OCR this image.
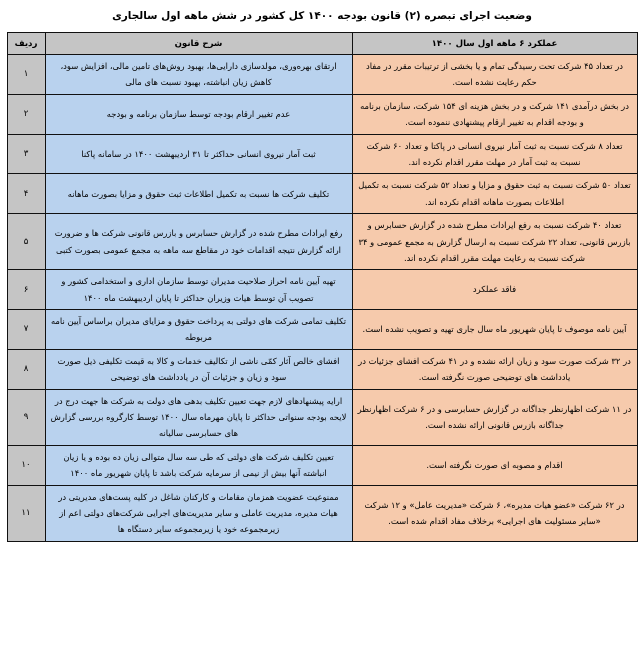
وضعیت اجرای تبصره (۲) قانون بودجه ۱۴۰۰ کل کشور در شش ماهه اول سالجاری
عملکرد ۶ ماهه اول سال ۱۴۰۰	شرح قانون	ردیف

در تعداد ۴۵ شرکت تحت رسیدگی تمام و یا بخشی از ترتیبات مقرر در مفاد حکم رعایت نشده است.	ارتقای بهره‌وری، مولدسازی دارایی‌ها، بهبود روش‌های تامین مالی، افزایش سود، کاهش زیان انباشته، بهبود نسبت های مالی	۱

در بخش درآمدی ۱۴۱ شرکت و در بخش هزینه ای ۱۵۴ شرکت، سازمان برنامه و بودجه اقدام به تغییر ارقام پیشنهادی ننموده است.	عدم تغییر ارقام بودجه توسط سازمان برنامه و بودجه	۲

تعداد ۸ شرکت نسبت به ثبت آمار نیروی انسانی در پاکتا و تعداد ۶۰ شرکت نسبت به ثبت آمار در مهلت مقرر اقدام نکرده اند.	ثبت آمار نیروی انسانی حداکثر تا ۳۱ اردیبهشت ۱۴۰۰ در سامانه پاکنا	۳

تعداد ۵۰ شرکت نسبت به ثبت حقوق و مزایا و تعداد ۵۲ شرکت نسبت به تکمیل اطلاعات بصورت ماهانه اقدام نکرده اند.	تکلیف شرکت ها نسبت به تکمیل اطلاعات ثبت حقوق و مزایا بصورت ماهانه	۴

تعداد ۴۰ شرکت نسبت به رفع ایرادات مطرح شده در گزارش حسابرس و بازرس قانونی، تعداد ۲۲ شرکت نسبت به ارسال گزارش به مجمع عمومی و ۳۴ شرکت نسبت به رعایت مهلت مقرر اقدام نکرده اند.	رفع ایرادات مطرح شده در گزارش حسابرس و بازرس قانونی شرکت ها و ضرورت ارائه گزارش نتیجه اقدامات خود در مقاطع سه ماهه به مجمع عمومی بصورت کتبی	۵

فاقد عملکرد	تهیه آیین نامه احراز صلاحیت مدیران توسط سازمان اداری و استخدامی کشور و تصویب آن توسط هیات وزیران حداکثر تا پایان اردیبهشت ماه ۱۴۰۰	۶

آیین نامه موصوف تا پایان شهریور ماه سال جاری تهیه و تصویب نشده است.	تکلیف تمامی شرکت های دولتی به پرداخت حقوق و مزایای مدیران براساس آیین نامه مربوطه	۷

در ۳۲ شرکت صورت سود و زیان ارائه نشده و در ۴۱ شرکت افشای جزئیات در یادداشت های توضیحی صورت نگرفته است.	افشای خالص آثار کمّی ناشی از تکالیف خدمات و کالا به قیمت تکلیفی ذیل صورت سود و زیان و جزئیات آن در یادداشت های توضیحی	۸

در ۱۱ شرکت اظهارنظر جداگانه در گزارش حسابرسی و در ۶ شرکت اظهارنظر جداگانه بازرس قانونی ارائه نشده است.	ارایه پیشنهادهای لازم جهت تعیین تکلیف بدهی های دولت به شرکت ها جهت درج در لایحه بودجه سنواتی حداکثر تا پایان مهرماه سال ۱۴۰۰ توسط کارگروه بررسی گزارش های حسابرسی سالیانه	۹

اقدام و مصوبه ای صورت نگرفته است.	تعیین تکلیف شرکت های دولتی که طی سه سال متوالی زیان ده بوده و یا زیان انباشته آنها بیش از نیمی از سرمایه شرکت باشد تا پایان شهریور ماه ۱۴۰۰	۱۰

در ۶۲ شرکت «عضو هیات مدیره»، ۶ شرکت «مدیریت عامل» و ۱۲ شرکت «سایر مسئولیت های اجرایی» برخلاف مفاد اقدام شده است.	ممنوعیت عضویت همزمان مقامات و کارکنان شاغل در کلیه پست‌های مدیریتی در هیات مدیره، مدیریت عاملی و سایر مدیریت‌های اجرایی شرکت‌های دولتی اعم از زیرمجموعه خود یا زیرمجموعه سایر دستگاه ها	۱۱
